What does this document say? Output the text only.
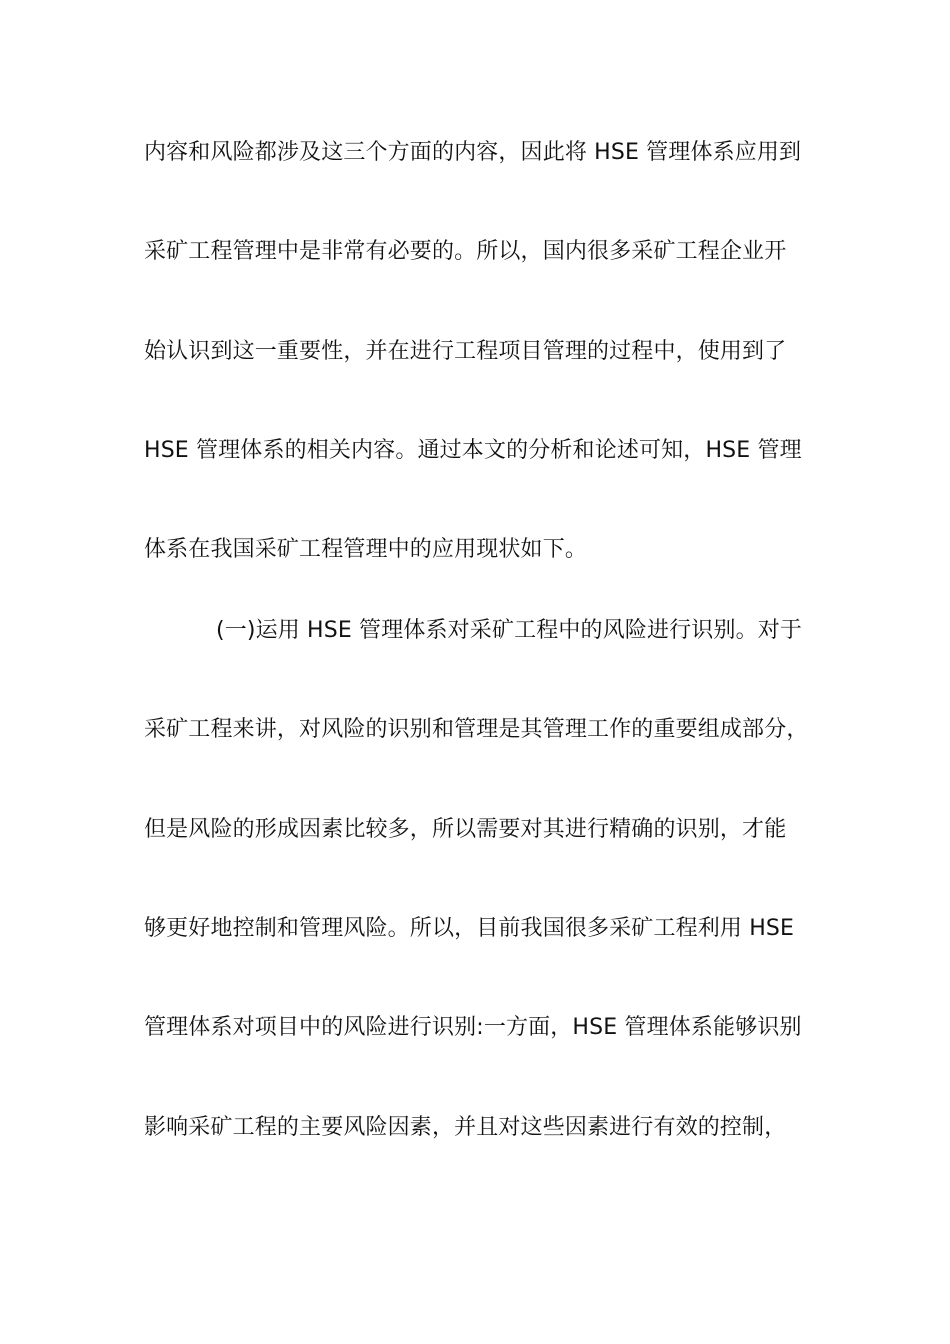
内容和风险都涉及这三个方面的内容，因此将 HSE 管理体系应用到
采矿工程管理中是非常有必要的。所以，国内很多采矿工程企业开
始认识到这一重要性，并在进行工程项目管理的过程中，使用到了
HSE 管理体系的相关内容。通过本文的分析和论述可知，HSE 管理
体系在我国采矿工程管理中的应用现状如下。
(一)运用 HSE 管理体系对采矿工程中的风险进行识别。对于
采矿工程来讲，对风险的识别和管理是其管理工作的重要组成部分，
但是风险的形成因素比较多，所以需要对其进行精确的识别，才能
够更好地控制和管理风险。所以，目前我国很多采矿工程利用 HSE
管理体系对项目中的风险进行识别:一方面，HSE 管理体系能够识别
影响采矿工程的主要风险因素，并且对这些因素进行有效的控制，
